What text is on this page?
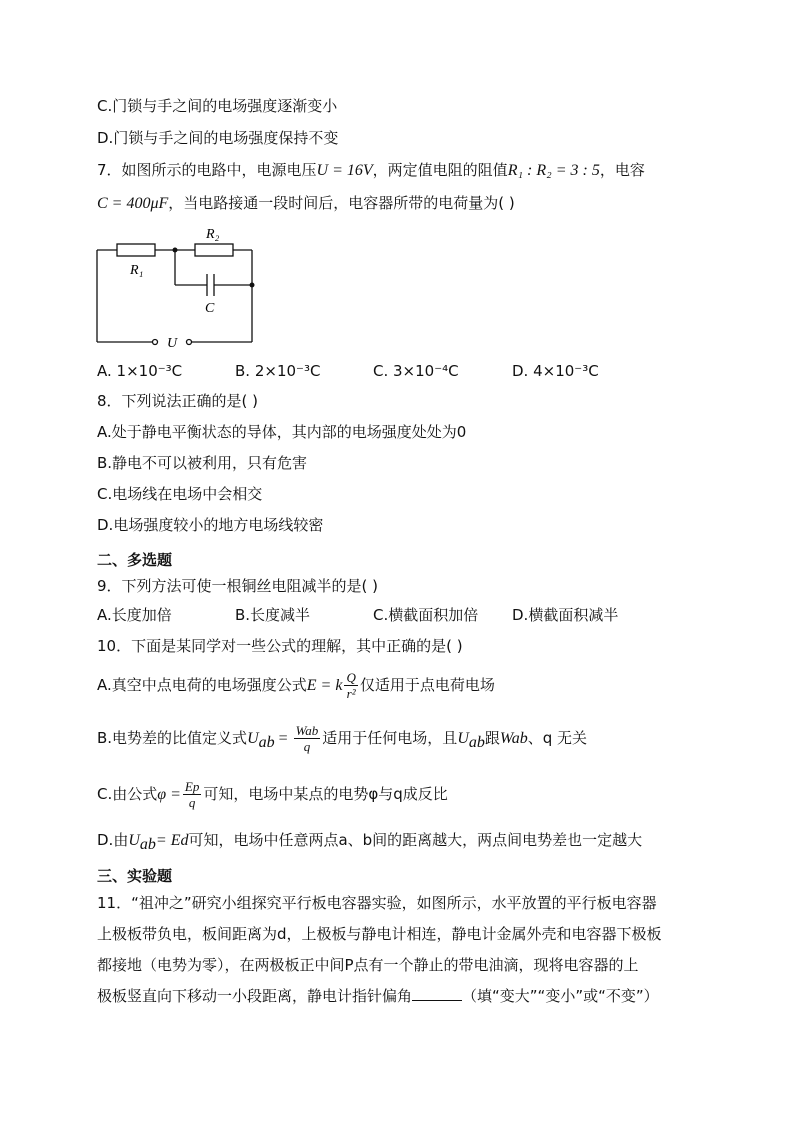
C.门锁与手之间的电场强度逐渐变小
D.门锁与手之间的电场强度保持不变
7．如图所示的电路中，电源电压U = 16V，两定值电阻的阻值R₁ : R₂ = 3 : 5，电容
C = 400μF，当电路接通一段时间后，电容器所带的电荷量为( )
R₁
R₂
C
U
A. 1×10⁻³C	B. 2×10⁻³C	C. 3×10⁻⁴C	D. 4×10⁻³C
8．下列说法正确的是( )
A.处于静电平衡状态的导体，其内部的电场强度处处为0
B.静电不可以被利用，只有危害
C.电场线在电场中会相交
D.电场强度较小的地方电场线较密
二、多选题
9．下列方法可使一根铜丝电阻减半的是( )
A.长度加倍	B.长度减半	C.横截面积加倍 D.横截面积减半
10．下面是某同学对一些公式的理解，其中正确的是( )
A.真空中点电荷的电场强度公式E = k $\frac{Q}{\text{r²}}$ 仅适用于点电荷电场
B.电势差的比值定义式$U_{ab} = \frac{\text{Wab}}{q}$ 适用于任何电场，且$U_{ab}$跟Wab、q 无关
C.由公式$\varphi = \frac{Ep}{q}$ 可知，电场中某点的电势φ与q成反比
D.由$U_{ab}= Ed$可知，电场中任意两点a、b间的距离越大，两点间电势差也一定越大
三、实验题
11．“祖冲之”研究小组探究平行板电容器实验，如图所示，水平放置的平行板电容器
上极板带负电，板间距离为d，上极板与静电计相连，静电计金属外壳和电容器下极板
都接地（电势为零），在两极板正中间P点有一个静止的带电油滴，现将电容器的上
极板竖直向下移动一小段距离，静电计指针偏角	（填“变大”“变小”或“不变”）
